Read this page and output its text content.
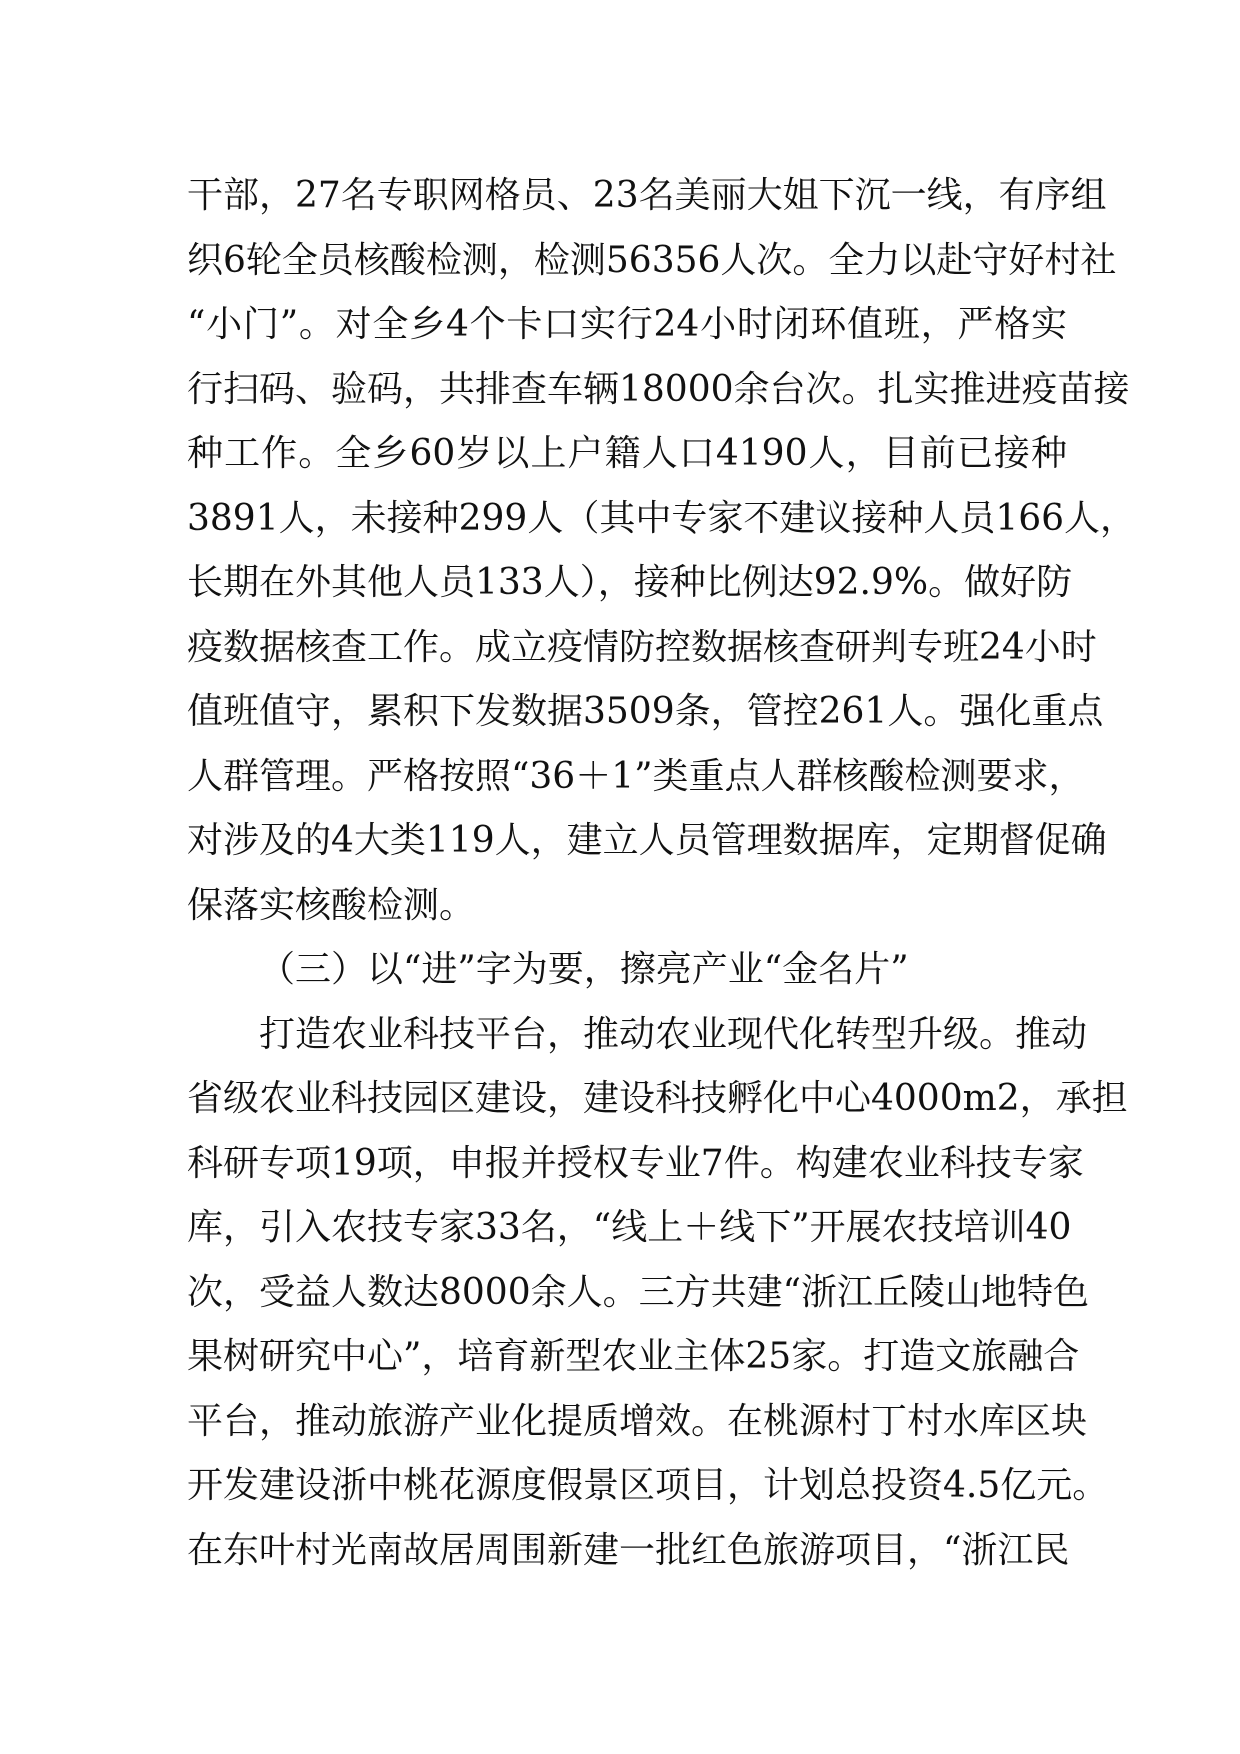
干部，27名专职网格员、23名美丽大姐下沉一线，有序组
织6轮全员核酸检测，检测56356人次。全力以赴守好村社
“小门”。对全乡4个卡口实行24小时闭环值班，严格实
行扫码、验码，共排查车辆18000余台次。扎实推进疫苗接
种工作。全乡60岁以上户籍人口4190人，目前已接种
3891人，未接种299人（其中专家不建议接种人员166人，
长期在外其他人员133人），接种比例达92.9%。做好防
疫数据核查工作。成立疫情防控数据核查研判专班24小时
值班值守，累积下发数据3509条，管控261人。强化重点
人群管理。严格按照“36＋1”类重点人群核酸检测要求，
对涉及的4大类119人，建立人员管理数据库，定期督促确
保落实核酸检测。
（三）以“进”字为要，擦亮产业“金名片”
打造农业科技平台，推动农业现代化转型升级。推动
省级农业科技园区建设，建设科技孵化中心4000m2，承担
科研专项19项，申报并授权专业7件。构建农业科技专家
库，引入农技专家33名，“线上＋线下”开展农技培训40
次，受益人数达8000余人。三方共建“浙江丘陵山地特色
果树研究中心”，培育新型农业主体25家。打造文旅融合
平台，推动旅游产业化提质增效。在桃源村丁村水库区块
开发建设浙中桃花源度假景区项目，计划总投资4.5亿元。
在东叶村光南故居周围新建一批红色旅游项目，“浙江民
